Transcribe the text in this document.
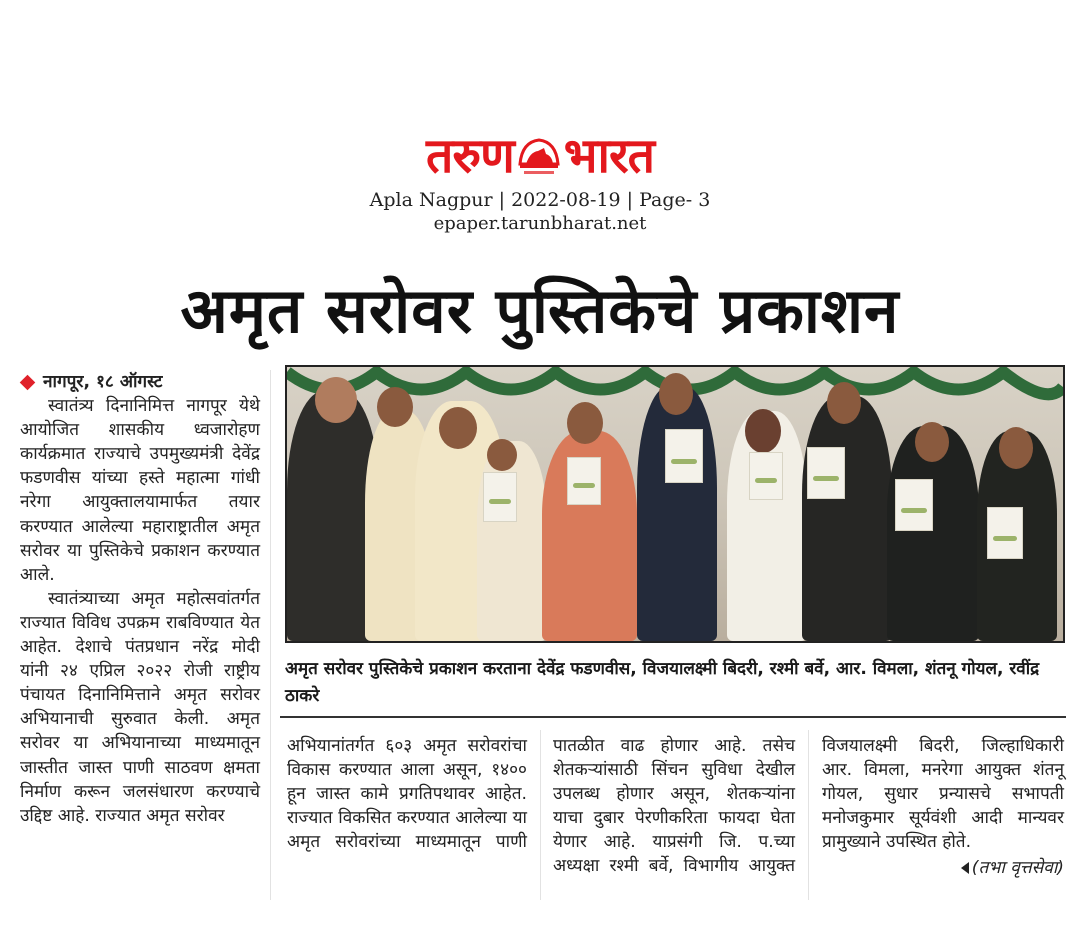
तरुण भारत
Apla Nagpur | 2022-08-19 | Page- 3
epaper.tarunbharat.net
अमृत सरोवर पुस्तिकेचे प्रकाशन
नागपूर, १८ ऑगस्ट

स्वातंत्र्य दिनानिमित्त नागपूर येथे आयोजित शासकीय ध्वजारोहण कार्यक्रमात राज्याचे उपमुख्यमंत्री देवेंद्र फडणवीस यांच्या हस्ते महात्मा गांधी नरेगा आयुक्तालयामार्फत तयार करण्यात आलेल्या महाराष्ट्रातील अमृत सरोवर या पुस्तिकेचे प्रकाशन करण्यात आले.

स्वातंत्र्याच्या अमृत महोत्सवांतर्गत राज्यात विविध उपक्रम राबविण्यात येत आहेत. देशाचे पंतप्रधान नरेंद्र मोदी यांनी २४ एप्रिल २०२२ रोजी राष्ट्रीय पंचायत दिनानिमित्ताने अमृत सरोवर अभियानाची सुरुवात केली. अमृत सरोवर या अभियानाच्या माध्यमातून जास्तीत जास्त पाणी साठवण क्षमता निर्माण करून जलसंधारण करण्याचे उद्दिष्ट आहे. राज्यात अमृत सरोवर

अमृत सरोवर पुस्तिकेचे प्रकाशन करताना देवेंद्र फडणवीस, विजयालक्ष्मी बिदरी, रश्मी बर्वे, आर. विमला, शंतनू गोयल, रवींद्र ठाकरे
अभियानांतर्गत ६०३ अमृत सरोवरांचा विकास करण्यात आला असून, १४०० हून जास्त कामे प्रगतिपथावर आहेत. राज्यात विकसित करण्यात आलेल्या या अमृत सरोवरांच्या माध्यमातून पाणी
पातळीत वाढ होणार आहे. तसेच शेतकऱ्यांसाठी सिंचन सुविधा देखील उपलब्ध होणार असून, शेतकऱ्यांना याचा दुबार पेरणीकरिता फायदा घेता येणार आहे. याप्रसंगी जि. प.च्या अध्यक्षा रश्मी बर्वे, विभागीय आयुक्त

विजयालक्ष्मी बिदरी, जिल्हाधिकारी आर. विमला, मनरेगा आयुक्त शंतनू गोयल, सुधार प्रन्यासचे सभापती मनोजकुमार सूर्यवंशी आदी मान्यवर प्रामुख्याने उपस्थित होते.

(तभा वृत्तसेवा)
